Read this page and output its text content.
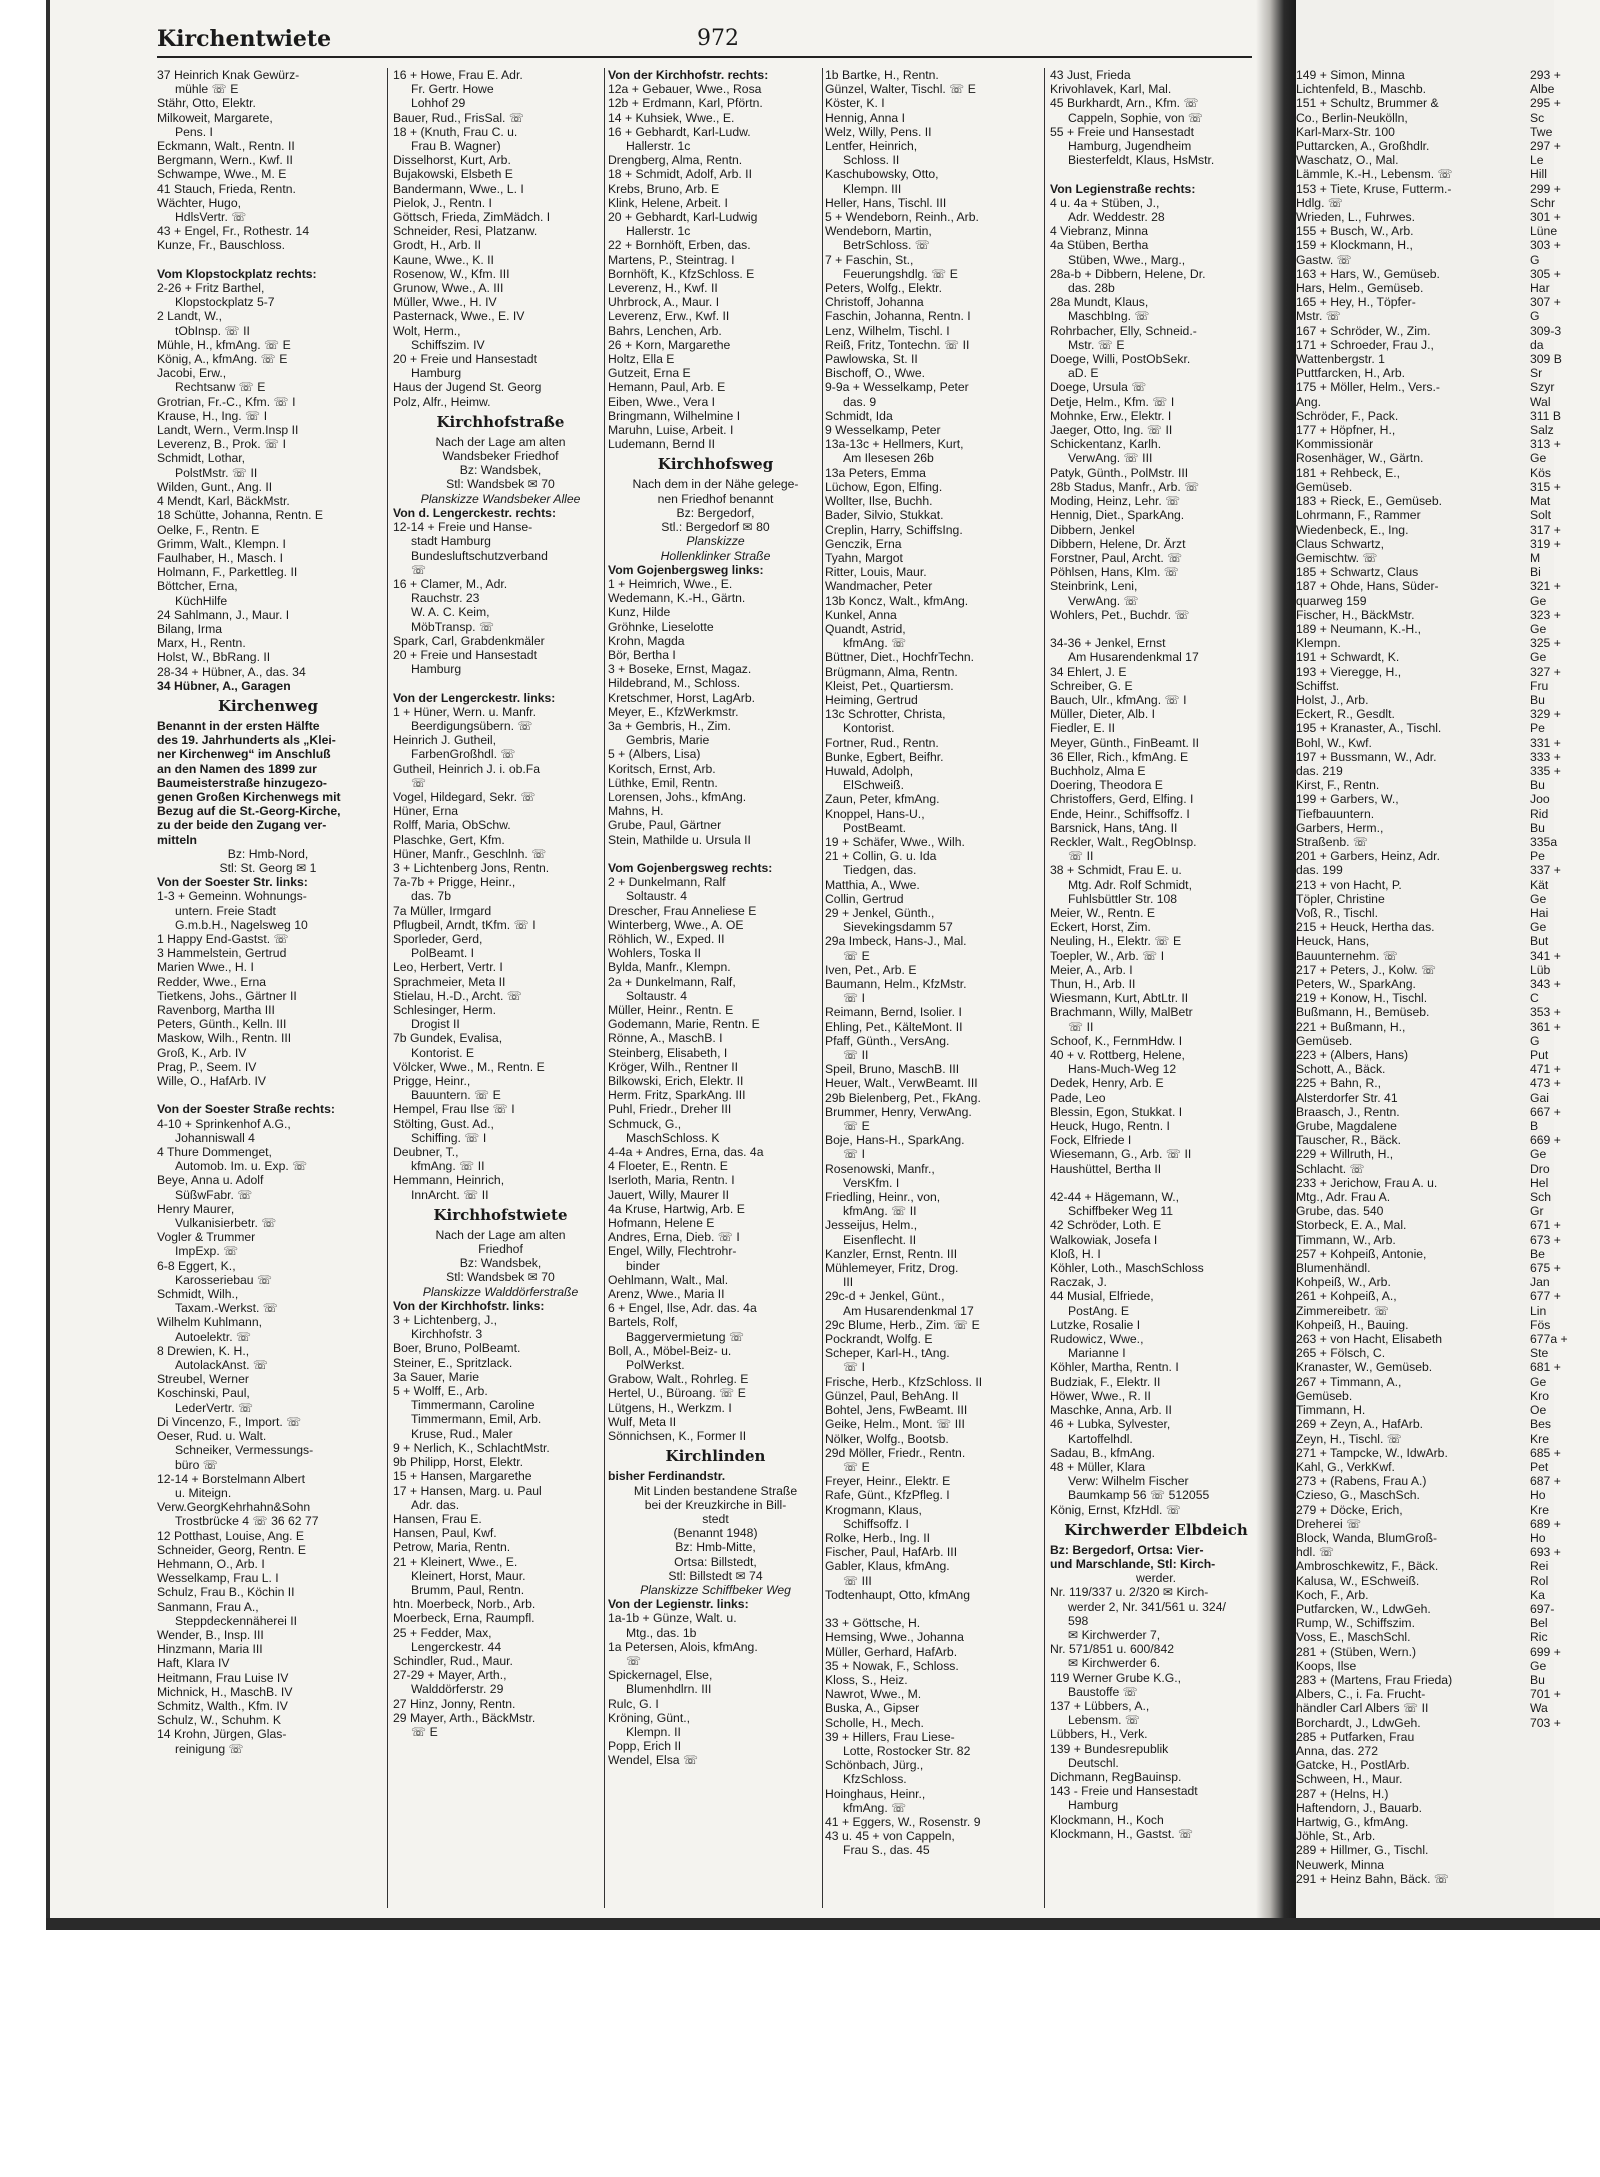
Kirchentwiete	972

37 Heinrich Knak Gewürz-

mühle ☏ E

Stähr, Otto, Elektr.

Milkoweit, Margarete,

Pens. I

Eckmann, Walt., Rentn. II

Bergmann, Wern., Kwf. II

Schwampe, Wwe., M. E

41 Stauch, Frieda, Rentn.

Wächter, Hugo,

HdlsVertr. ☏

43 + Engel, Fr., Rothestr. 14

Kunze, Fr., Bauschloss.

Vom Klopstockplatz rechts:

2-26 + Fritz Barthel,

Klopstockplatz 5-7

2 Landt, W.,

tObInsp. ☏ II

Mühle, H., kfmAng. ☏ E

König, A., kfmAng. ☏ E

Jacobi, Erw.,

Rechtsanw ☏ E

Grotrian, Fr.-C., Kfm. ☏ I

Krause, H., Ing. ☏ I

Landt, Wern., Verm.Insp II

Leverenz, B., Prok. ☏ I

Schmidt, Lothar,

PolstMstr. ☏ II

Wilden, Gunt., Ang. II

4 Mendt, Karl, BäckMstr.

18 Schütte, Johanna, Rentn. E

Oelke, F., Rentn. E

Grimm, Walt., Klempn. I

Faulhaber, H., Masch. I

Holmann, F., Parkettleg. II

Böttcher, Erna,

KüchHilfe

24 Sahlmann, J., Maur. I

Bilang, Irma

Marx, H., Rentn.

Holst, W., BbRang. II

28-34 + Hübner, A., das. 34

34 Hübner, A., Garagen

Kirchenweg

Benannt in der ersten Hälfte

des 19. Jahrhunderts als „Klei-

ner Kirchenweg“ im Anschluß

an den Namen des 1899 zur

Baumeisterstraße hinzugezo-

genen Großen Kirchenwegs mit

Bezug auf die St.-Georg-Kirche,

zu der beide den Zugang ver-

mitteln

Bz: Hmb-Nord,

Stl: St. Georg ✉ 1

Von der Soester Str. links:

1-3 + Gemeinn. Wohnungs-

untern. Freie Stadt

G.m.b.H., Nagelsweg 10

1 Happy End-Gastst. ☏

3 Hammelstein, Gertrud

Marien Wwe., H. I

Redder, Wwe., Erna

Tietkens, Johs., Gärtner II

Ravenborg, Martha III

Peters, Günth., Kelln. III

Maskow, Wilh., Rentn. III

Groß, K., Arb. IV

Prag, P., Seem. IV

Wille, O., HafArb. IV

Von der Soester Straße rechts:

4-10 + Sprinkenhof A.G.,

Johanniswall 4

4 Thure Dommenget,

Automob. Im. u. Exp. ☏

Beye, Anna u. Adolf

SüßwFabr. ☏

Henry Maurer,

Vulkanisierbetr. ☏

Vogler & Trummer

ImpExp. ☏

6-8 Eggert, K.,

Karosseriebau ☏

Schmidt, Wilh.,

Taxam.-Werkst. ☏

Wilhelm Kuhlmann,

Autoelektr. ☏

8 Drewien, K. H.,

AutolackAnst. ☏

Streubel, Werner

Koschinski, Paul,

LederVertr. ☏

Di Vincenzo, F., Import. ☏

Oeser, Rud. u. Walt.

Schneiker, Vermessungs-

büro ☏

12-14 + Borstelmann Albert

u. Miteign.

Verw.GeorgKehrhahn&Sohn

Trostbrücke 4 ☏ 36 62 77

12 Potthast, Louise, Ang. E

Schneider, Georg, Rentn. E

Hehmann, O., Arb. I

Wesselkamp, Frau L. I

Schulz, Frau B., Köchin II

Sanmann, Frau A.,

Steppdeckennäherei II

Wender, B., Insp. III

Hinzmann, Maria III

Haft, Klara IV

Heitmann, Frau Luise IV

Michnick, H., MaschB. IV

Schmitz, Walth., Kfm. IV

Schulz, W., Schuhm. K

14 Krohn, Jürgen, Glas-

reinigung ☏

16 + Howe, Frau E. Adr.

Fr. Gertr. Howe

Lohhof 29

Bauer, Rud., FrisSal. ☏

18 + (Knuth, Frau C. u.

Frau B. Wagner)

Disselhorst, Kurt, Arb.

Bujakowski, Elsbeth E

Bandermann, Wwe., L. I

Pielok, J., Rentn. I

Göttsch, Frieda, ZimMädch. I

Schneider, Resi, Platzanw.

Grodt, H., Arb. II

Kaune, Wwe., K. II

Rosenow, W., Kfm. III

Grunow, Wwe., A. III

Müller, Wwe., H. IV

Pasternack, Wwe., E. IV

Wolt, Herm.,

Schiffszim. IV

20 + Freie und Hansestadt

Hamburg

Haus der Jugend St. Georg

Polz, Alfr., Heimw.

Kirchhofstraße

Nach der Lage am alten

Wandsbeker Friedhof

Bz: Wandsbek,

Stl: Wandsbek ✉ 70

Planskizze Wandsbeker Allee

Von d. Lengerckestr. rechts:

12-14 + Freie und Hanse-

stadt Hamburg

Bundesluftschutzverband

☏

16 + Clamer, M., Adr.

Rauchstr. 23

W. A. C. Keim,

MöbTransp. ☏

Spark, Carl, Grabdenkmäler

20 + Freie und Hansestadt

Hamburg

Von der Lengerckestr. links:

1 + Hüner, Wern. u. Manfr.

Beerdigungsübern. ☏

Heinrich J. Gutheil,

FarbenGroßhdl. ☏

Gutheil, Heinrich J. i. ob.Fa

☏

Vogel, Hildegard, Sekr. ☏

Hüner, Erna

Rolff, Maria, ObSchw.

Plaschke, Gert, Kfm.

Hüner, Manfr., Geschlnh. ☏

3 + Lichtenberg Jons, Rentn.

7a-7b + Prigge, Heinr.,

das. 7b

7a Müller, Irmgard

Pflugbeil, Arndt, tKfm. ☏ I

Sporleder, Gerd,

PolBeamt. I

Leo, Herbert, Vertr. I

Sprachmeier, Meta II

Stielau, H.-D., Archt. ☏

Schlesinger, Herm.

Drogist II

7b Gundek, Evalisa,

Kontorist. E

Völcker, Wwe., M., Rentn. E

Prigge, Heinr.,

Bauuntern. ☏ E

Hempel, Frau Ilse ☏ I

Stölting, Gust. Ad.,

Schiffing. ☏ I

Deubner, T.,

kfmAng. ☏ II

Hemmann, Heinrich,

InnArcht. ☏ II

Kirchhofstwiete

Nach der Lage am alten

Friedhof

Bz: Wandsbek,

Stl: Wandsbek ✉ 70

Planskizze Walddörferstraße

Von der Kirchhofstr. links:

3 + Lichtenberg, J.,

Kirchhofstr. 3

Boer, Bruno, PolBeamt.

Steiner, E., Spritzlack.

3a Sauer, Marie

5 + Wolff, E., Arb.

Timmermann, Caroline

Timmermann, Emil, Arb.

Kruse, Rud., Maler

9 + Nerlich, K., SchlachtMstr.

9b Philipp, Horst, Elektr.

15 + Hansen, Margarethe

17 + Hansen, Marg. u. Paul

Adr. das.

Hansen, Frau E.

Hansen, Paul, Kwf.

Petrow, Maria, Rentn.

21 + Kleinert, Wwe., E.

Kleinert, Horst, Maur.

Brumm, Paul, Rentn.

htn. Moerbeck, Norb., Arb.

Moerbeck, Erna, Raumpfl.

25 + Fedder, Max,

Lengerckestr. 44

Schindler, Rud., Maur.

27-29 + Mayer, Arth.,

Walddörferstr. 29

27 Hinz, Jonny, Rentn.

29 Mayer, Arth., BäckMstr.

☏ E

Von der Kirchhofstr. rechts:

12a + Gebauer, Wwe., Rosa

12b + Erdmann, Karl, Pförtn.

14 + Kuhsiek, Wwe., E.

16 + Gebhardt, Karl-Ludw.

Hallerstr. 1c

Drengberg, Alma, Rentn.

18 + Schmidt, Adolf, Arb. II

Krebs, Bruno, Arb. E

Klink, Helene, Arbeit. I

20 + Gebhardt, Karl-Ludwig

Hallerstr. 1c

22 + Bornhöft, Erben, das.

Martens, P., Steintrag. I

Bornhöft, K., KfzSchloss. E

Leverenz, H., Kwf. II

Uhrbrock, A., Maur. I

Leverenz, Erw., Kwf. II

Bahrs, Lenchen, Arb.

26 + Korn, Margarethe

Holtz, Ella E

Gutzeit, Erna E

Hemann, Paul, Arb. E

Eiben, Wwe., Vera I

Bringmann, Wilhelmine I

Maruhn, Luise, Arbeit. I

Ludemann, Bernd II

Kirchhofsweg

Nach dem in der Nähe gelege-

nen Friedhof benannt

Bz: Bergedorf,

Stl.: Bergedorf ✉ 80

Planskizze

Hollenklinker Straße

Vom Gojenbergsweg links:

1 + Heimrich, Wwe., E.

Wedemann, K.-H., Gärtn.

Kunz, Hilde

Gröhnke, Lieselotte

Krohn, Magda

Bör, Bertha I

3 + Boseke, Ernst, Magaz.

Hildebrand, M., Schloss.

Kretschmer, Horst, LagArb.

Meyer, E., KfzWerkmstr.

3a + Gembris, H., Zim.

Gembris, Marie

5 + (Albers, Lisa)

Koritsch, Ernst, Arb.

Lüthke, Emil, Rentn.

Lorensen, Johs., kfmAng.

Mahns, H.

Grube, Paul, Gärtner

Stein, Mathilde u. Ursula II

Vom Gojenbergsweg rechts:

2 + Dunkelmann, Ralf

Soltaustr. 4

Drescher, Frau Anneliese E

Winterberg, Wwe., A. OE

Röhlich, W., Exped. II

Wohlers, Toska II

Bylda, Manfr., Klempn.

2a + Dunkelmann, Ralf,

Soltaustr. 4

Müller, Heinr., Rentn. E

Godemann, Marie, Rentn. E

Rönne, A., MaschB. I

Steinberg, Elisabeth, I

Kröger, Wilh., Rentner II

Bilkowski, Erich, Elektr. II

Herm. Fritz, SparkAng. III

Puhl, Friedr., Dreher III

Schmuck, G.,

MaschSchloss. K

4-4a + Andres, Erna, das. 4a

4 Floeter, E., Rentn. E

Iserloth, Maria, Rentn. I

Jauert, Willy, Maurer II

4a Kruse, Hartwig, Arb. E

Hofmann, Helene E

Andres, Erna, Dieb. ☏ I

Engel, Willy, Flechtrohr-

binder

Oehlmann, Walt., Mal.

Arenz, Wwe., Maria II

6 + Engel, Ilse, Adr. das. 4a

Bartels, Rolf,

Baggervermietung ☏

Boll, A., Möbel-Beiz- u.

PolWerkst.

Grabow, Walt., Rohrleg. E

Hertel, U., Büroang. ☏ E

Lütgens, H., Werkzm. I

Wulf, Meta II

Sönnichsen, K., Former II

Kirchlinden

bisher Ferdinandstr.

Mit Linden bestandene Straße

bei der Kreuzkirche in Bill-

stedt

(Benannt 1948)

Bz: Hmb-Mitte,

Ortsa: Billstedt,

Stl: Billstedt ✉ 74

Planskizze Schiffbeker Weg

Von der Legienstr. links:

1a-1b + Günze, Walt. u.

Mtg., das. 1b

1a Petersen, Alois, kfmAng.

☏

Spickernagel, Else,

Blumenhdlrn. III

Rulc, G. I

Kröning, Günt.,

Klempn. II

Popp, Erich II

Wendel, Elsa ☏

1b Bartke, H., Rentn.

Günzel, Walter, Tischl. ☏ E

Köster, K. I

Hennig, Anna I

Welz, Willy, Pens. II

Lentfer, Heinrich,

Schloss. II

Kaschubowsky, Otto,

Klempn. III

Heller, Hans, Tischl. III

5 + Wendeborn, Reinh., Arb.

Wendeborn, Martin,

BetrSchloss. ☏

7 + Faschin, St.,

Feuerungshdlg. ☏ E

Peters, Wolfg., Elektr.

Christoff, Johanna

Faschin, Johanna, Rentn. I

Lenz, Wilhelm, Tischl. I

Reiß, Fritz, Tontechn. ☏ II

Pawlowska, St. II

Bischoff, O., Wwe.

9-9a + Wesselkamp, Peter

das. 9

Schmidt, Ida

9 Wesselkamp, Peter

13a-13c + Hellmers, Kurt,

Am Ilesesen 26b

13a Peters, Emma

Lüchow, Egon, Elfing.

Wollter, Ilse, Buchh.

Bader, Silvio, Stukkat.

Creplin, Harry, SchiffsIng.

Genczik, Erna

Tyahn, Margot

Ritter, Louis, Maur.

Wandmacher, Peter

13b Koncz, Walt., kfmAng.

Kunkel, Anna

Quandt, Astrid,

kfmAng. ☏

Büttner, Diet., HochfrTechn.

Brügmann, Alma, Rentn.

Kleist, Pet., Quartiersm.

Heiming, Gertrud

13c Schrotter, Christa,

Kontorist.

Fortner, Rud., Rentn.

Bunke, Egbert, Beifhr.

Huwald, Adolph,

ElSchweiß.

Zaun, Peter, kfmAng.

Knoppel, Hans-U.,

PostBeamt.

19 + Schäfer, Wwe., Wilh.

21 + Collin, G. u. Ida

Tiedgen, das.

Matthia, A., Wwe.

Collin, Gertrud

29 + Jenkel, Günth.,

Sievekingsdamm 57

29a Imbeck, Hans-J., Mal.

☏ E

Iven, Pet., Arb. E

Baumann, Helm., KfzMstr.

☏ I

Reimann, Bernd, Isolier. I

Ehling, Pet., KälteMont. II

Pfaff, Günth., VersAng.

☏ II

Speil, Bruno, MaschB. III

Heuer, Walt., VerwBeamt. III

29b Bielenberg, Pet., FkAng.

Brummer, Henry, VerwAng.

☏ E

Boje, Hans-H., SparkAng.

☏ I

Rosenowski, Manfr.,

VersKfm. I

Friedling, Heinr., von,

kfmAng. ☏ II

Jesseijus, Helm.,

Eisenflecht. II

Kanzler, Ernst, Rentn. III

Mühlemeyer, Fritz, Drog.

III

29c-d + Jenkel, Günt.,

Am Husarendenkmal 17

29c Blume, Herb., Zim. ☏ E

Pockrandt, Wolfg. E

Scheper, Karl-H., tAng.

☏ I

Frische, Herb., KfzSchloss. II

Günzel, Paul, BehAng. II

Bohtel, Jens, FwBeamt. III

Geike, Helm., Mont. ☏ III

Nölker, Wolfg., Bootsb.

29d Möller, Friedr., Rentn.

☏ E

Freyer, Heinr., Elektr. E

Rafe, Günt., KfzPfleg. I

Krogmann, Klaus,

Schiffsoffz. I

Rolke, Herb., Ing. II

Fischer, Paul, HafArb. III

Gabler, Klaus, kfmAng.

☏ III

Todtenhaupt, Otto, kfmAng

33 + Göttsche, H.

Hemsing, Wwe., Johanna

Müller, Gerhard, HafArb.

35 + Nowak, F., Schloss.

Kloss, S., Heiz.

Nawrot, Wwe., M.

Buska, A., Gipser

Scholle, H., Mech.

39 + Hillers, Frau Liese-

Lotte, Rostocker Str. 82

Schönbach, Jürg.,

KfzSchloss.

Hoinghaus, Heinr.,

kfmAng. ☏

41 + Eggers, W., Rosenstr. 9

43 u. 45 + von Cappeln,

Frau S., das. 45

43 Just, Frieda

Krivohlavek, Karl, Mal.

45 Burkhardt, Arn., Kfm. ☏

Cappeln, Sophie, von ☏

55 + Freie und Hansestadt

Hamburg, Jugendheim

Biesterfeldt, Klaus, HsMstr.

Von Legienstraße rechts:

4 u. 4a + Stüben, J.,

Adr. Weddestr. 28

4 Viebranz, Minna

4a Stüben, Bertha

Stüben, Wwe., Marg.,

28a-b + Dibbern, Helene, Dr.

das. 28b

28a Mundt, Klaus,

MaschbIng. ☏

Rohrbacher, Elly, Schneid.-

Mstr. ☏ E

Doege, Willi, PostObSekr.

aD. E

Doege, Ursula ☏

Detje, Helm., Kfm. ☏ I

Mohnke, Erw., Elektr. I

Jaeger, Otto, Ing. ☏ II

Schickentanz, Karlh.

VerwAng. ☏ III

Patyk, Günth., PolMstr. III

28b Stadus, Manfr., Arb. ☏

Moding, Heinz, Lehr. ☏

Hennig, Diet., SparkAng.

Dibbern, Jenkel

Dibbern, Helene, Dr. Ärzt

Forstner, Paul, Archt. ☏

Pöhlsen, Hans, Klm. ☏

Steinbrink, Leni,

VerwAng. ☏

Wohlers, Pet., Buchdr. ☏

34-36 + Jenkel, Ernst

Am Husarendenkmal 17

34 Ehlert, J. E

Schreiber, G. E

Bauch, Ulr., kfmAng. ☏ I

Müller, Dieter, Alb. I

Fiedler, E. II

Meyer, Günth., FinBeamt. II

36 Eller, Rich., kfmAng. E

Buchholz, Alma E

Doering, Theodora E

Christoffers, Gerd, Elfing. I

Ende, Heinr., Schiffsoffz. I

Barsnick, Hans, tAng. II

Reckler, Walt., RegObInsp.

☏ II

38 + Schmidt, Frau E. u.

Mtg. Adr. Rolf Schmidt,

Fuhlsbüttler Str. 108

Meier, W., Rentn. E

Eckert, Horst, Zim.

Neuling, H., Elektr. ☏ E

Toepler, W., Arb. ☏ I

Meier, A., Arb. I

Thun, H., Arb. II

Wiesmann, Kurt, AbtLtr. II

Brachmann, Willy, MalBetr

☏ II

Schoof, K., FernmHdw. I

40 + v. Rottberg, Helene,

Hans-Much-Weg 12

Dedek, Henry, Arb. E

Pade, Leo

Blessin, Egon, Stukkat. I

Heuck, Hugo, Rentn. I

Fock, Elfriede I

Wiesemann, G., Arb. ☏ II

Haushüttel, Bertha II

42-44 + Hägemann, W.,

Schiffbeker Weg 11

42 Schröder, Loth. E

Walkowiak, Josefa I

Kloß, H. I

Köhler, Loth., MaschSchloss

Raczak, J.

44 Musial, Elfriede,

PostAng. E

Lutzke, Rosalie I

Rudowicz, Wwe.,

Marianne I

Köhler, Martha, Rentn. I

Budziak, F., Elektr. II

Höwer, Wwe., R. II

Maschke, Anna, Arb. II

46 + Lubka, Sylvester,

Kartoffelhdl.

Sadau, B., kfmAng.

48 + Müller, Klara

Verw: Wilhelm Fischer

Baumkamp 56 ☏ 512055

König, Ernst, KfzHdl. ☏

Kirchwerder Elbdeich

Bz: Bergedorf, Ortsa: Vier-

und Marschlande, Stl: Kirch-

werder.

Nr. 119/337 u. 2/320 ✉ Kirch-

werder 2, Nr. 341/561 u. 324/

598

✉ Kirchwerder 7,

Nr. 571/851 u. 600/842

✉ Kirchwerder 6.

119 Werner Grube K.G.,

Baustoffe ☏

137 + Lübbers, A.,

Lebensm. ☏

Lübbers, H., Verk.

139 + Bundesrepublik

Deutschl.

Dichmann, RegBauinsp.

143 - Freie und Hansestadt

Hamburg

Klockmann, H., Koch

Klockmann, H., Gastst. ☏

149 + Simon, Minna

Lichtenfeld, B., Maschb.

151 + Schultz, Brummer &

Co., Berlin-Neukölln,

Karl-Marx-Str. 100

Puttarcken, A., Großhdlr.

Waschatz, O., Mal.

Lämmle, K.-H., Lebensm. ☏

153 + Tiete, Kruse, Futterm.-

Hdlg. ☏

Wrieden, L., Fuhrwes.

155 + Busch, W., Arb.

159 + Klockmann, H.,

Gastw. ☏

163 + Hars, W., Gemüseb.

Hars, Helm., Gemüseb.

165 + Hey, H., Töpfer-

Mstr. ☏

167 + Schröder, W., Zim.

171 + Schroeder, Frau J.,

Wattenbergstr. 1

Puttfarcken, H., Arb.

175 + Möller, Helm., Vers.-

Ang.

Schröder, F., Pack.

177 + Höpfner, H.,

Kommissionär

Rosenhäger, W., Gärtn.

181 + Rehbeck, E.,

Gemüseb.

183 + Rieck, E., Gemüseb.

Lohrmann, F., Rammer

Wiedenbeck, E., Ing.

Claus Schwartz,

Gemischtw. ☏

185 + Schwartz, Claus

187 + Ohde, Hans, Süder-

quarweg 159

Fischer, H., BäckMstr.

189 + Neumann, K.-H.,

Klempn.

191 + Schwardt, K.

193 + Vieregge, H.,

Schiffst.

Holst, J., Arb.

Eckert, R., Gesdlt.

195 + Kranaster, A., Tischl.

Bohl, W., Kwf.

197 + Bussmann, W., Adr.

das. 219

Kirst, F., Rentn.

199 + Garbers, W.,

Tiefbauuntern.

Garbers, Herm.,

Straßenb. ☏

201 + Garbers, Heinz, Adr.

das. 199

213 + von Hacht, P.

Töpler, Christine

Voß, R., Tischl.

215 + Heuck, Hertha das.

Heuck, Hans,

Bauunternehm. ☏

217 + Peters, J., Kolw. ☏

Peters, W., SparkAng.

219 + Konow, H., Tischl.

Bußmann, H., Bemüseb.

221 + Bußmann, H.,

Gemüseb.

223 + (Albers, Hans)

Schott, A., Bäck.

225 + Bahn, R.,

Alsterdorfer Str. 41

Braasch, J., Rentn.

Grube, Magdalene

Tauscher, R., Bäck.

229 + Willruth, H.,

Schlacht. ☏

233 + Jerichow, Frau A. u.

Mtg., Adr. Frau A.

Grube, das. 540

Storbeck, E. A., Mal.

Timmann, W., Arb.

257 + Kohpeiß, Antonie,

Blumenhändl.

Kohpeiß, W., Arb.

261 + Kohpeiß, A.,

Zimmereibetr. ☏

Kohpeiß, H., Bauing.

263 + von Hacht, Elisabeth

265 + Fölsch, C.

Kranaster, W., Gemüseb.

267 + Timmann, A.,

Gemüseb.

Timmann, H.

269 + Zeyn, A., HafArb.

Zeyn, H., Tischl. ☏

271 + Tampcke, W., IdwArb.

Kahl, G., VerkKwf.

273 + (Rabens, Frau A.)

Czieso, G., MaschSch.

279 + Döcke, Erich,

Dreherei ☏

Block, Wanda, BlumGroß-

hdl. ☏

Ambroschkewitz, F., Bäck.

Kalusa, W., ESchweiß.

Koch, F., Arb.

Putfarcken, W., LdwGeh.

Rump, W., Schiffszim.

Voss, E., MaschSchl.

281 + (Stüben, Wern.)

Koops, Ilse

283 + (Martens, Frau Frieda)

Albers, C., i. Fa. Frucht-

händler Carl Albers ☏ II

Borchardt, J., LdwGeh.

285 + Putfarken, Frau

Anna, das. 272

Gatcke, H., PostlArb.

Schween, H., Maur.

287 + (Helns, H.)

Haftendorn, J., Bauarb.

Hartwig, G., kfmAng.

Jöhle, St., Arb.

289 + Hillmer, G., Tischl.

Neuwerk, Minna

291 + Heinz Bahn, Bäck. ☏

293 +

Albe

295 +

Sc

Twe

297 +

Le

Hill

299 +

Schr

301 +

Lüne

303 +

G

305 +

Har

307 +

G

309-3

da

309 B

Sr

Szyr

Wal

311 B

Salz

313 +

Ge

Kös

315 +

Mat

Solt

317 +

319 +

M

Bi

321 +

Ge

323 +

Ge

325 +

Ge

327 +

Fru

Bu

329 +

Pe

331 +

333 +

335 +

Bu

Joo

Rid

Bu

335a

Pe

337 +

Kät

Ge

Hai

Ge

But

341 +

Lüb

343 +

C

353 +

361 +

G

Put

471 +

473 +

Gai

667 +

B

669 +

Ge

Dro

Hel

Sch

Gr

671 +

673 +

Be

675 +

Jan

677 +

Lin

Fös

677a +

Ste

681 +

Ge

Kro

Oe

Bes

Kre

685 +

Pet

687 +

Ho

Kre

689 +

Ho

693 +

Rei

Rol

Ka

697-

Bel

Ric

699 +

Ge

Bu

701 +

Wa

703 +
